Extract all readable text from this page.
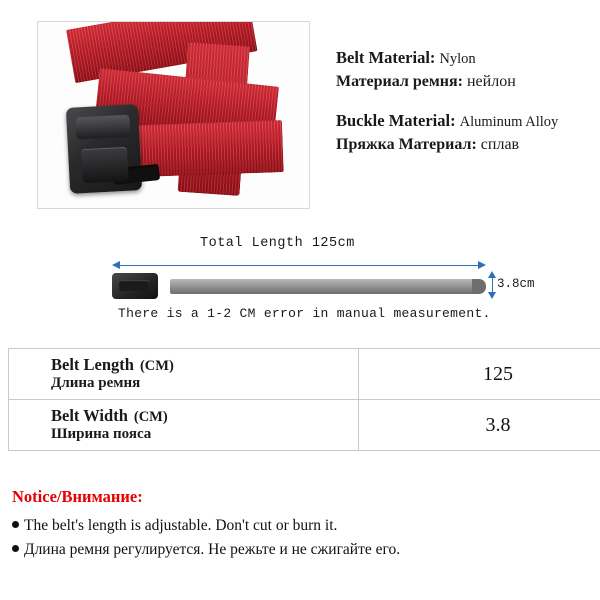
Belt Material: Nylon
Материал ремня: нейлон
Buckle Material: Aluminum Alloy
Пряжка Материал: сплав
Total Length 125cm
3.8cm
There is a 1-2 CM error in manual measurement.
Belt Length (CM)
Длина ремня	125

Belt Width (CM)
Ширина пояса	3.8
Notice/Внимание:
The belt's length is adjustable. Don't cut or burn it.
Длина ремня регулируется. Не режьте и не сжигайте его.
